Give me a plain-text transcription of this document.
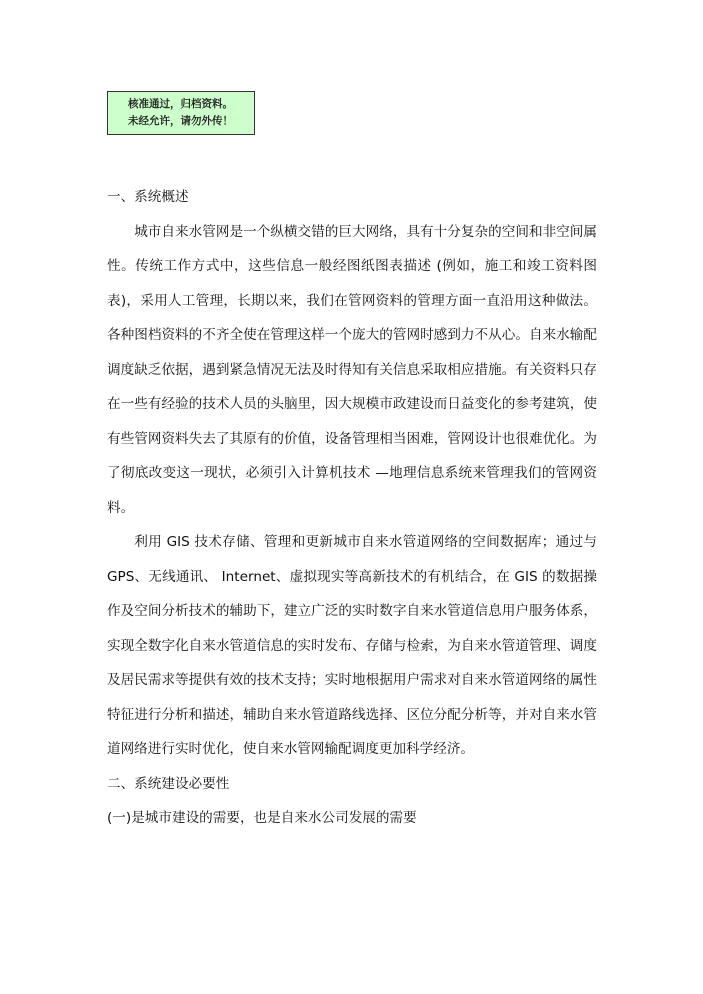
核准通过，归档资料。
未经允许，请勿外传！

一、系统概述

城市自来水管网是一个纵横交错的巨大网络，具有十分复杂的空间和非空间属性。传统工作方式中，这些信息一般经图纸图表描述 (例如，施工和竣工资料图表)，采用人工管理，长期以来，我们在管网资料的管理方面一直沿用这种做法。各种图档资料的不齐全使在管理这样一个庞大的管网时感到力不从心。自来水输配调度缺乏依据，遇到紧急情况无法及时得知有关信息采取相应措施。有关资料只存在一些有经验的技术人员的头脑里，因大规模市政建设而日益变化的参考建筑，使有些管网资料失去了其原有的价值，设备管理相当困难，管网设计也很难优化。为了彻底改变这一现状，必须引入计算机技术 —地理信息系统来管理我们的管网资料。

利用 GIS 技术存储、管理和更新城市自来水管道网络的空间数据库；通过与 GPS、无线通讯、 Internet、虚拟现实等高新技术的有机结合，在 GIS 的数据操作及空间分析技术的辅助下，建立广泛的实时数字自来水管道信息用户服务体系，实现全数字化自来水管道信息的实时发布、存储与检索，为自来水管道管理、调度及居民需求等提供有效的技术支持；实时地根据用户需求对自来水管道网络的属性特征进行分析和描述，辅助自来水管道路线选择、区位分配分析等，并对自来水管道网络进行实时优化，使自来水管网输配调度更加科学经济。

二、系统建设必要性

(一)是城市建设的需要，也是自来水公司发展的需要
